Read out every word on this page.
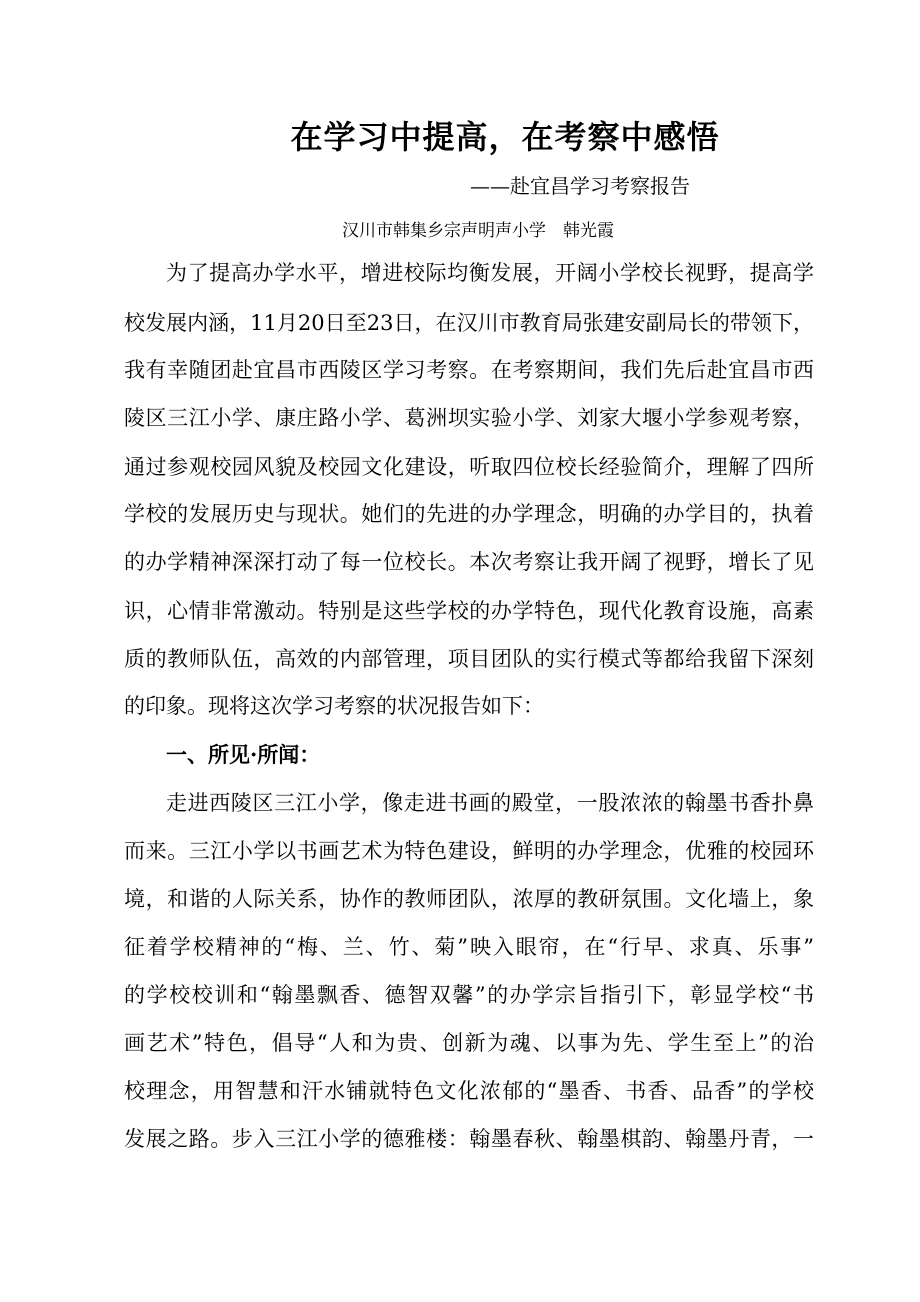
在学习中提高，在考察中感悟
——赴宜昌学习考察报告
汉川市韩集乡宗声明声小学　韩光霞
为了提高办学水平，增进校际均衡发展，开阔小学校长视野，提高学
校发展内涵，11月20日至23日，在汉川市教育局张建安副局长的带领下，
我有幸随团赴宜昌市西陵区学习考察。在考察期间，我们先后赴宜昌市西
陵区三江小学、康庄路小学、葛洲坝实验小学、刘家大堰小学参观考察，
通过参观校园风貌及校园文化建设，听取四位校长经验简介，理解了四所
学校的发展历史与现状。她们的先进的办学理念，明确的办学目的，执着
的办学精神深深打动了每一位校长。本次考察让我开阔了视野，增长了见
识，心情非常激动。特别是这些学校的办学特色，现代化教育设施，高素
质的教师队伍，高效的内部管理，项目团队的实行模式等都给我留下深刻
的印象。现将这次学习考察的状况报告如下：
一、所见·所闻：
走进西陵区三江小学，像走进书画的殿堂，一股浓浓的翰墨书香扑鼻
而来。三江小学以书画艺术为特色建设，鲜明的办学理念，优雅的校园环
境，和谐的人际关系，协作的教师团队，浓厚的教研氛围。文化墙上，象
征着学校精神的“梅、兰、竹、菊”映入眼帘，在“行早、求真、乐事”
的学校校训和“翰墨飘香、德智双馨”的办学宗旨指引下，彰显学校“书
画艺术”特色，倡导“人和为贵、创新为魂、以事为先、学生至上”的治
校理念，用智慧和汗水铺就特色文化浓郁的“墨香、书香、品香”的学校
发展之路。步入三江小学的德雅楼：翰墨春秋、翰墨棋韵、翰墨丹青，一
